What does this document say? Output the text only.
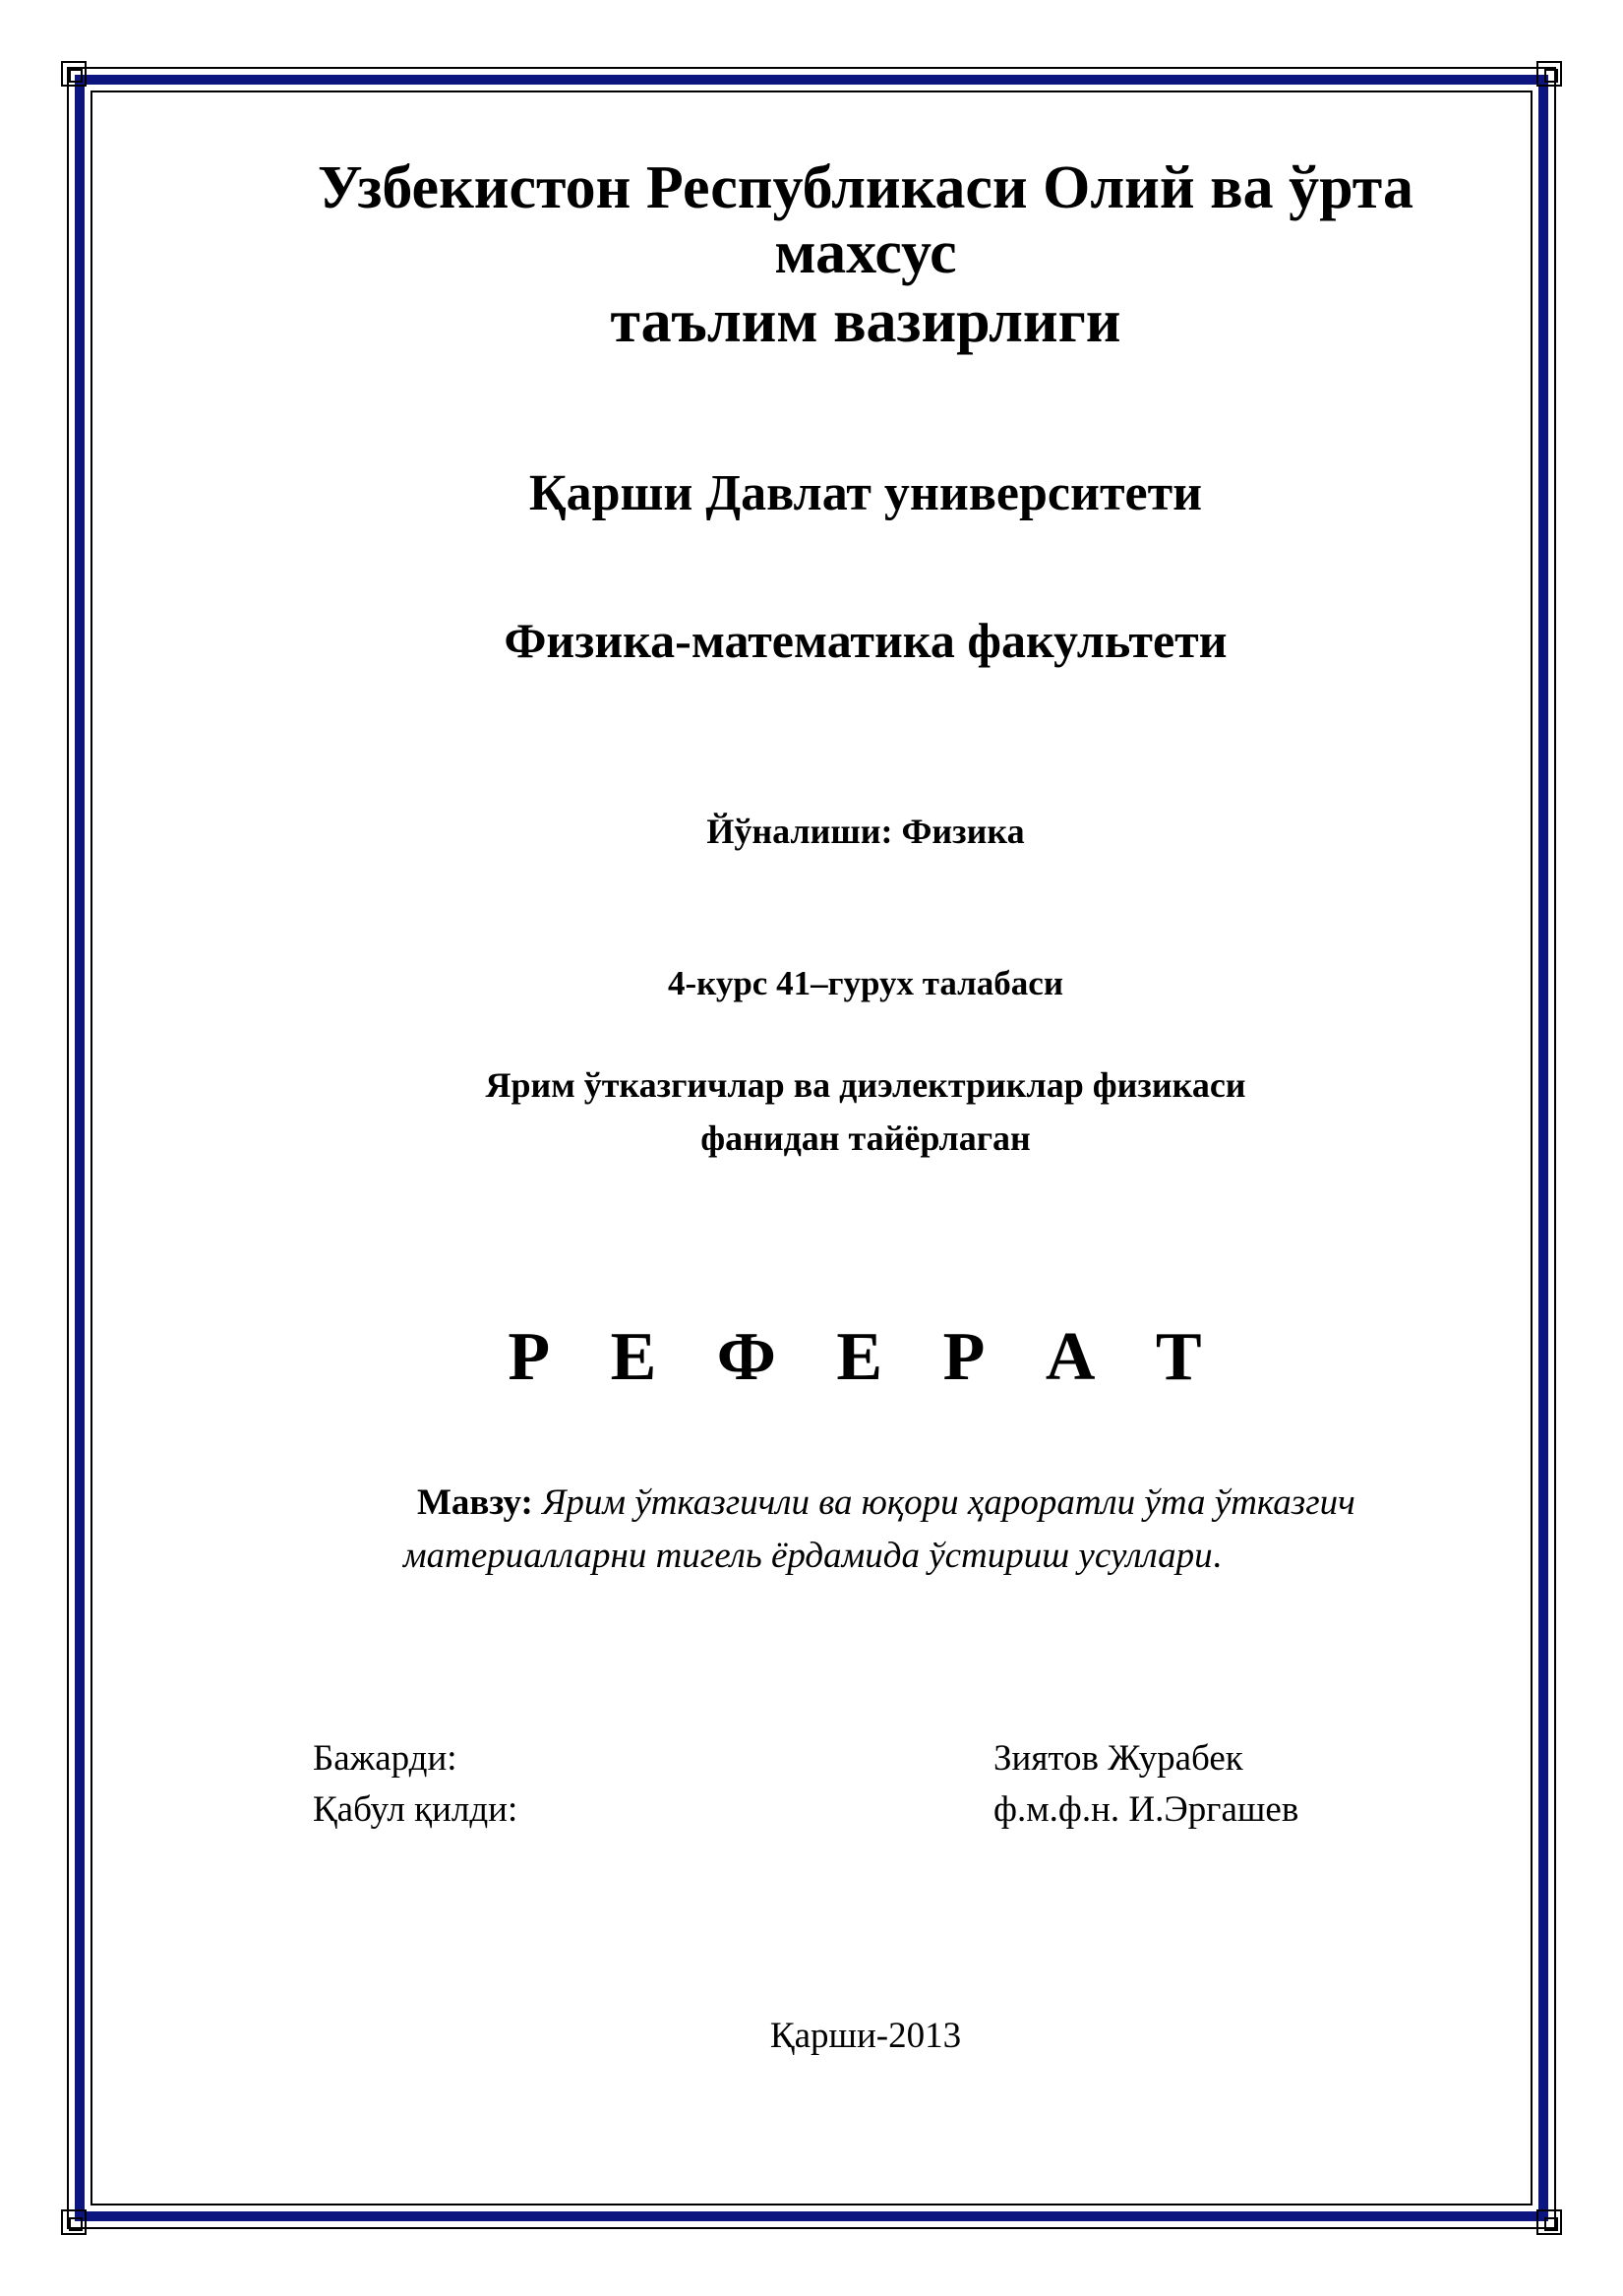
Узбекистон Республикаси Олий ва ўрта
махсус
таълим вазирлиги
Қарши Давлат университети
Физика-математика факультети
Йўналиши: Физика
4-курс 41–гурух талабаси
Ярим ўтказгичлар ва диэлектриклар физикаси
фанидан тайёрлаган
Р Е Ф Е Р А Т
Мавзу: Ярим ўтказгичли ва юқори ҳароратли ўта ўтказгич
материалларни тигель ёрдамида ўстириш усуллари.
Бажарди:	Зиятов Журабек
Қабул қилди:	ф.м.ф.н. И.Эргашев
Қарши-2013
